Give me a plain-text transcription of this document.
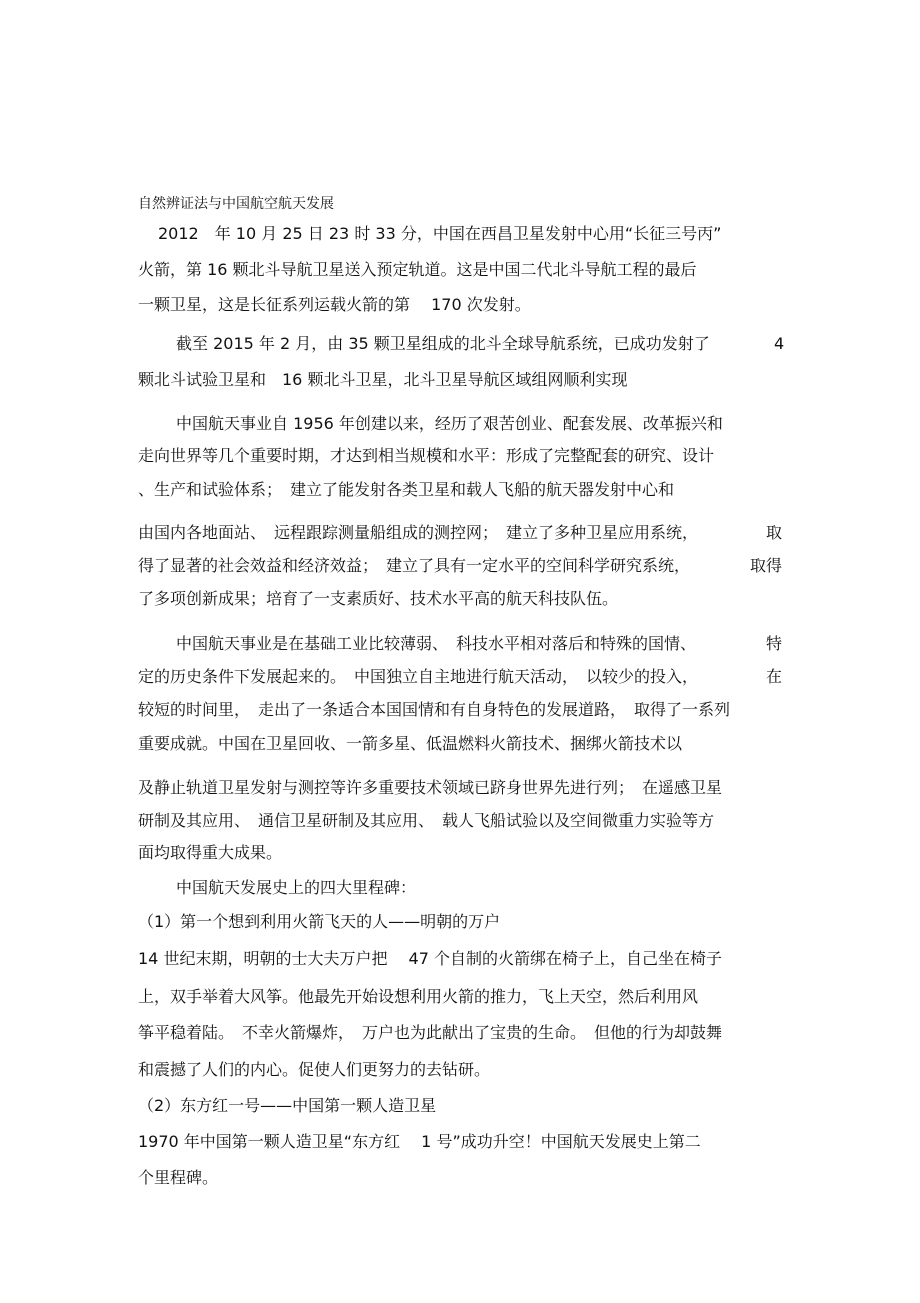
自然辨证法与中国航空航天发展
2012　年 10 月 25 日 23 时 33 分，中国在西昌卫星发射中心用“长征三号丙”
火箭，第 16 颗北斗导航卫星送入预定轨道。这是中国二代北斗导航工程的最后
一颗卫星，这是长征系列运载火箭的第　 170 次发射。
截至 2015 年 2 月，由 35 颗卫星组成的北斗全球导航系统，已成功发射了	4
颗北斗试验卫星和　16 颗北斗卫星，北斗卫星导航区域组网顺利实现
中国航天事业自 1956 年创建以来，经历了艰苦创业、配套发展、改革振兴和
走向世界等几个重要时期，才达到相当规模和水平：形成了完整配套的研究、设计
、生产和试验体系；　建立了能发射各类卫星和载人飞船的航天器发射中心和
由国内各地面站、　远程跟踪测量船组成的测控网；　建立了多种卫星应用系统，	取
得了显著的社会效益和经济效益；　建立了具有一定水平的空间科学研究系统，	取得
了多项创新成果；培育了一支素质好、技术水平高的航天科技队伍。
中国航天事业是在基础工业比较薄弱、　科技水平相对落后和特殊的国情、	特
定的历史条件下发展起来的。　中国独立自主地进行航天活动，　以较少的投入，	在
较短的时间里，　走出了一条适合本国国情和有自身特色的发展道路，　取得了一系列
重要成就。中国在卫星回收、一箭多星、低温燃料火箭技术、捆绑火箭技术以
及静止轨道卫星发射与测控等许多重要技术领域已跻身世界先进行列；　在遥感卫星
研制及其应用、　通信卫星研制及其应用、　载人飞船试验以及空间微重力实验等方
面均取得重大成果。
中国航天发展史上的四大里程碑：
（1）第一个想到利用火箭飞天的人——明朝的万户
14 世纪末期，明朝的士大夫万户把　 47 个自制的火箭绑在椅子上，自己坐在椅子
上，双手举着大风筝。他最先开始设想利用火箭的推力，飞上天空，然后利用风
筝平稳着陆。　不幸火箭爆炸，　万户也为此献出了宝贵的生命。　但他的行为却鼓舞
和震撼了人们的内心。促使人们更努力的去钻研。
（2）东方红一号——中国第一颗人造卫星
1970 年中国第一颗人造卫星“东方红　 1 号”成功升空！中国航天发展史上第二
个里程碑。
